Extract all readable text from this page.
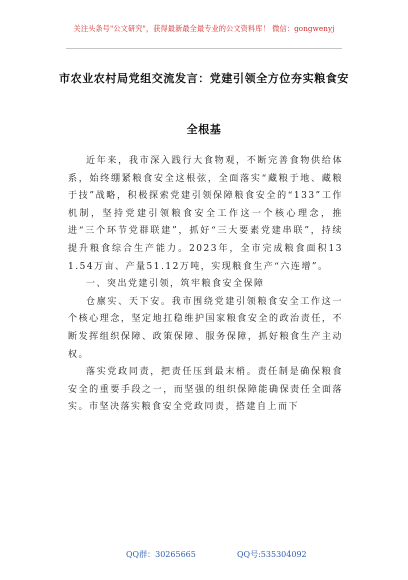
关注头条号"公文研究"，获得最新最全最专业的公文资料库！ 微信：gongwenyj
市农业农村局党组交流发言：党建引领全方位夯实粮食安
全根基

近年来，我市深入践行大食物观，不断完善食物供给体系，始终绷紧粮食安全这根弦，全面落实“藏粮于地、藏粮于技”战略，积极探索党建引领保障粮食安全的“133”工作机制，坚持党建引领粮食安全工作这一个核心理念，推进“三个环节党群联建”，抓好“三大要素党建串联”，持续提升粮食综合生产能力。2023年，全市完成粮食面积131.54万亩、产量51.12万吨，实现粮食生产“六连增”。

一、突出党建引领，筑牢粮食安全保障

仓廪实、天下安。我市围绕党建引领粮食安全工作这一个核心理念，坚定地扛稳维护国家粮食安全的政治责任，不断发挥组织保障、政策保障、服务保障，抓好粮食生产主动权。

落实党政同责，把责任压到最末梢。责任制是确保粮食安全的重要手段之一，而坚强的组织保障能确保责任全面落实。市坚决落实粮食安全党政同责，搭建自上而下

QQ群：30265665	QQ号:535304092
